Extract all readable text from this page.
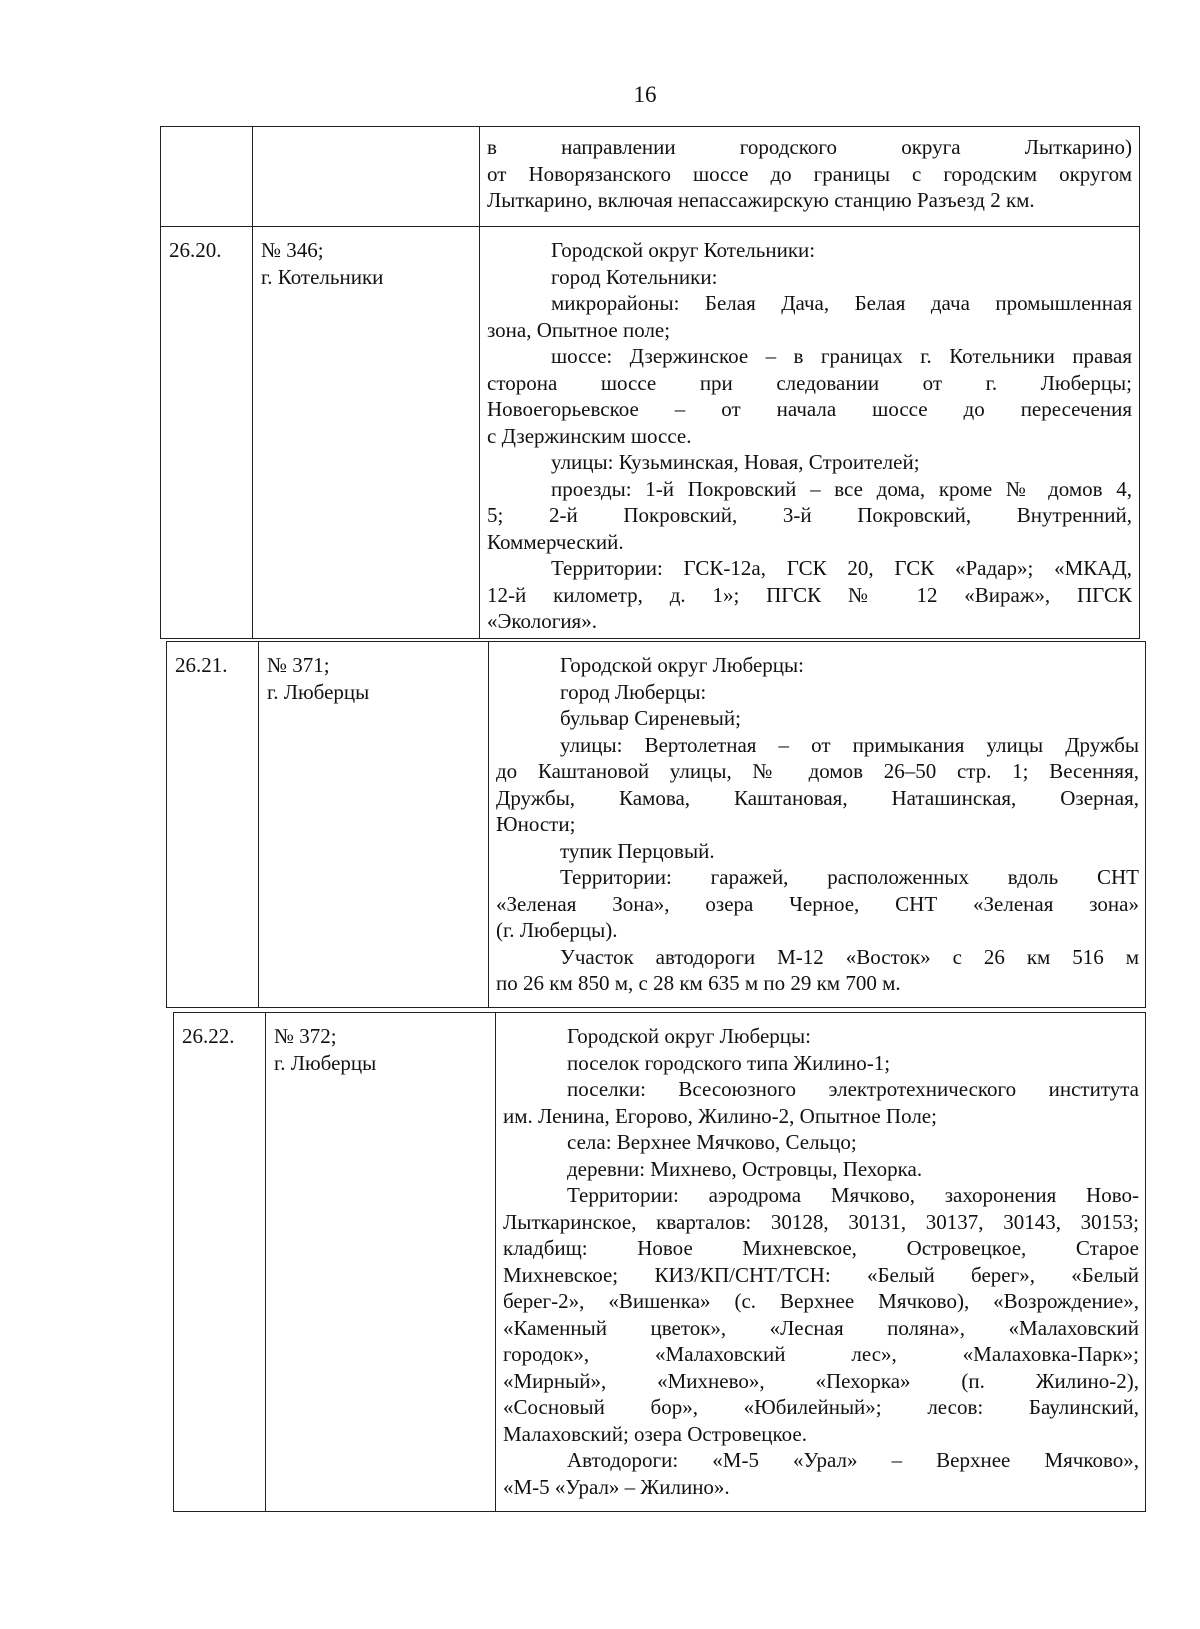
16
в направлении городского округа Лыткарино)
от Новорязанского шоссе до границы с городским округом
Лыткарино, включая непассажирскую станцию Разъезд 2 км.
26.20. № 346;
г. Котельники
Городской округ Котельники:
город Котельники:
микрорайоны: Белая Дача, Белая дача промышленная
зона, Опытное поле;
шоссе: Дзержинское – в границах г. Котельники правая
сторона шоссе при следовании от г. Люберцы;
Новоегорьевское – от начала шоссе до пересечения
с Дзержинским шоссе.
улицы: Кузьминская, Новая, Строителей;
проезды: 1-й Покровский – все дома, кроме № домов 4,
5; 2-й Покровский, 3-й Покровский, Внутренний,
Коммерческий.
Территории: ГСК-12а, ГСК 20, ГСК «Радар»; «МКАД,
12-й километр, д. 1»; ПГСК № 12 «Вираж», ПГСК
«Экология».
26.21. № 371;
г. Люберцы
Городской округ Люберцы:
город Люберцы:
бульвар Сиреневый;
улицы: Вертолетная – от примыкания улицы Дружбы
до Каштановой улицы, № домов 26–50 стр. 1; Весенняя,
Дружбы, Камова, Каштановая, Наташинская, Озерная,
Юности;
тупик Перцовый.
Территории: гаражей, расположенных вдоль СНТ
«Зеленая Зона», озера Черное, СНТ «Зеленая зона»
(г. Люберцы).
Участок автодороги М-12 «Восток» с 26 км 516 м
по 26 км 850 м, с 28 км 635 м по 29 км 700 м.
26.22. № 372;
г. Люберцы
Городской округ Люберцы:
поселок городского типа Жилино-1;
поселки: Всесоюзного электротехнического института
им. Ленина, Егорово, Жилино-2, Опытное Поле;
села: Верхнее Мячково, Сельцо;
деревни: Михнево, Островцы, Пехорка.
Территории: аэродрома Мячково, захоронения Ново-
Лыткаринское, кварталов: 30128, 30131, 30137, 30143, 30153;
кладбищ: Новое Михневское, Островецкое, Старое
Михневское; КИЗ/КП/СНТ/ТСН: «Белый берег», «Белый
берег-2», «Вишенка» (с. Верхнее Мячково), «Возрождение»,
«Каменный цветок», «Лесная поляна», «Малаховский
городок», «Малаховский лес», «Малаховка-Парк»;
«Мирный», «Михнево», «Пехорка» (п. Жилино-2),
«Сосновый бор», «Юбилейный»; лесов: Баулинский,
Малаховский; озера Островецкое.
Автодороги: «М-5 «Урал» – Верхнее Мячково»,
«М-5 «Урал» – Жилино».
